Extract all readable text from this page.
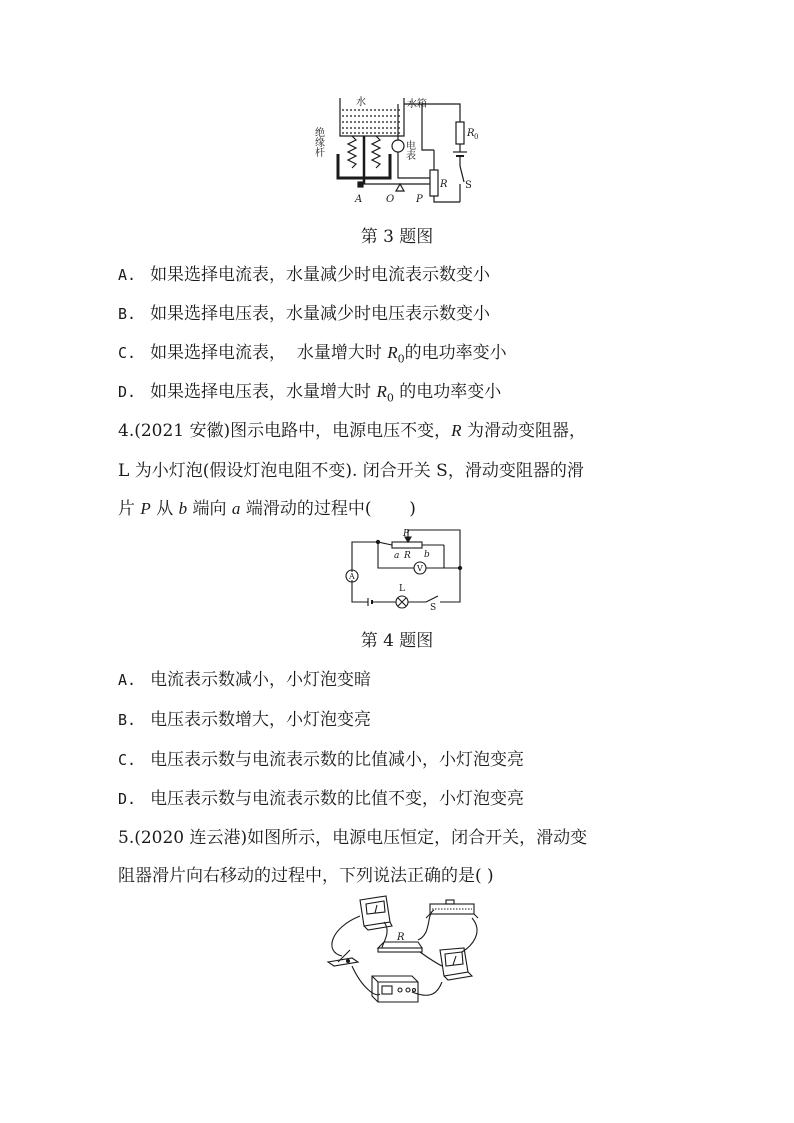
水	水箱
绝缘杆	电表
R 0
R S
A O P
第 3 题图
A. 如果选择电流表，水量减少时电流表示数变小
B. 如果选择电压表，水量减少时电压表示数变小
C. 如果选择电流表，  水量增大时 $R_0$的电功率变小
D. 如果选择电压表，水量增大时 $R_0$ 的电功率变小
4.(2021 安徽)图示电路中，电源电压不变，R 为滑动变阻器，
L 为小灯泡(假设灯泡电阻不变). 闭合开关 S，滑动变阻器的滑
片 P 从 b 端向 a 端滑动的过程中(       )
P
a R b
A
V
L
S
第 4 题图
A. 电流表示数减小，小灯泡变暗
B. 电压表示数增大，小灯泡变亮
C. 电压表示数与电流表示数的比值减小，小灯泡变亮
D. 电压表示数与电流表示数的比值不变，小灯泡变亮
5.(2020 连云港)如图所示，电源电压恒定，闭合开关，滑动变
阻器滑片向右移动的过程中，下列说法正确的是( )
R
